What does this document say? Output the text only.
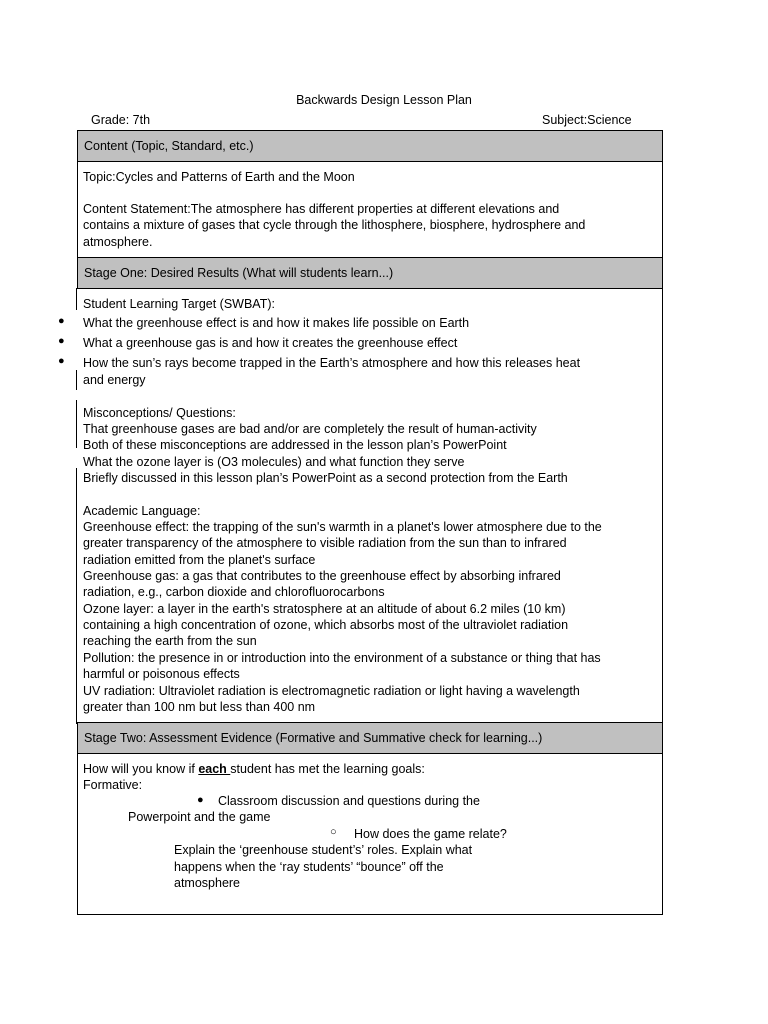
Backwards Design Lesson Plan
Grade: 7th	Subject:Science
Content (Topic, Standard, etc.)
Topic:Cycles and Patterns of Earth and the Moon
Content Statement:The atmosphere has different properties at different elevations and
contains a mixture of gases that cycle through the lithosphere, biosphere, hydrosphere and
atmosphere.
Stage One: Desired Results (What will students learn...)
Student Learning Target (SWBAT):
● What the greenhouse effect is and how it makes life possible on Earth
● What a greenhouse gas is and how it creates the greenhouse effect
● How the sun’s rays become trapped in the Earth’s atmosphere and how this releases heat
and energy
Misconceptions/ Questions:
That greenhouse gases are bad and/or are completely the result of human-activity
Both of these misconceptions are addressed in the lesson plan’s PowerPoint
What the ozone layer is (O3 molecules) and what function they serve
Briefly discussed in this lesson plan’s PowerPoint as a second protection from the Earth
Academic Language:
Greenhouse effect: the trapping of the sun's warmth in a planet's lower atmosphere due to the
greater transparency of the atmosphere to visible radiation from the sun than to infrared
radiation emitted from the planet's surface
Greenhouse gas: a gas that contributes to the greenhouse effect by absorbing infrared
radiation, e.g., carbon dioxide and chlorofluorocarbons
Ozone layer: a layer in the earth's stratosphere at an altitude of about 6.2 miles (10 km)
containing a high concentration of ozone, which absorbs most of the ultraviolet radiation
reaching the earth from the sun
Pollution: the presence in or introduction into the environment of a substance or thing that has
harmful or poisonous effects
UV radiation: Ultraviolet radiation is electromagnetic radiation or light having a wavelength
greater than 100 nm but less than 400 nm
Stage Two: Assessment Evidence (Formative and Summative check for learning...)
How will you know if each student has met the learning goals:
Formative:
● Classroom discussion and questions during the
Powerpoint and the game
○ How does the game relate?
Explain the ‘greenhouse student’s’ roles. Explain what
happens when the ‘ray students’ “bounce” off the
atmosphere
